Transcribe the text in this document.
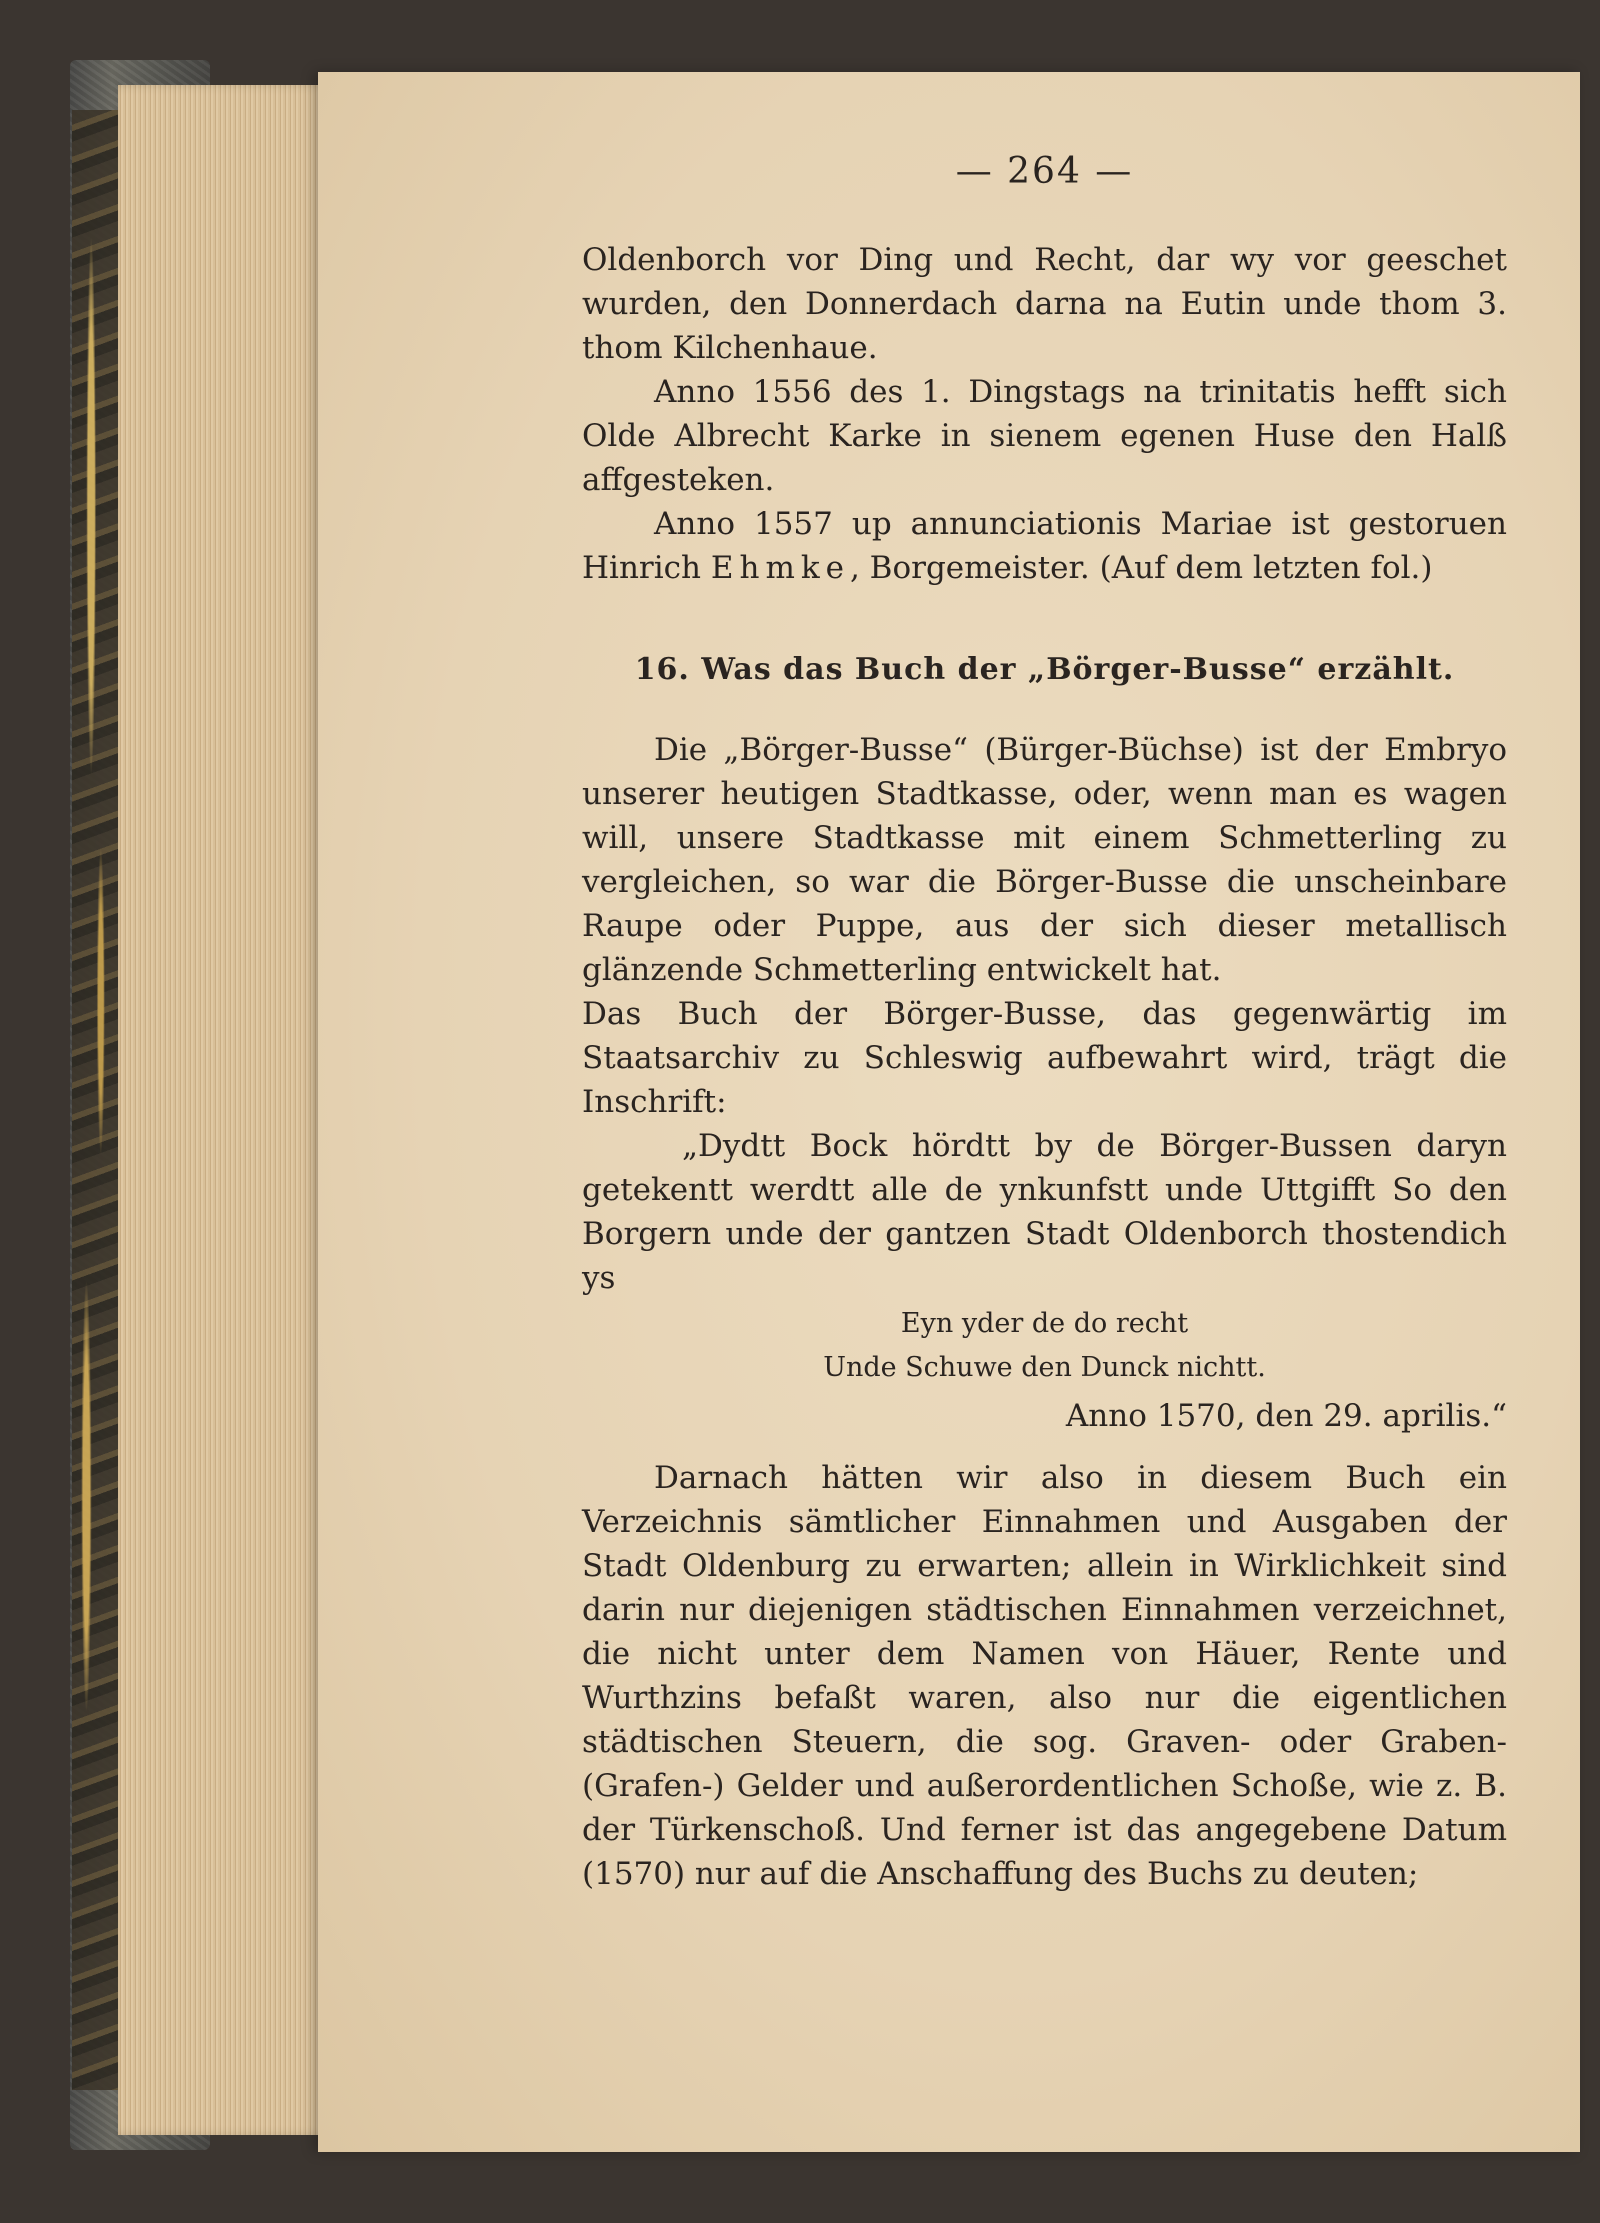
— 264 —

Oldenborch vor Ding und Recht, dar wy vor geeschet wurden, den Donnerdach darna na Eutin unde thom 3. thom Kilchenhaue.

Anno 1556 des 1. Dingstags na trinitatis hefft sich Olde Albrecht Karke in sienem egenen Huse den Halß affgesteken.

Anno 1557 up annunciationis Mariae ist gestoruen Hinrich Ehmke, Borgemeister. (Auf dem letzten fol.)

16. Was das Buch der „Börger-Busse“ erzählt.

Die „Börger-Busse“ (Bürger-Büchse) ist der Embryo unserer heutigen Stadtkasse, oder, wenn man es wagen will, unsere Stadtkasse mit einem Schmetterling zu vergleichen, so war die Börger-Busse die unscheinbare Raupe oder Puppe, aus der sich dieser metallisch glänzende Schmetterling entwickelt hat.

Das Buch der Börger-Busse, das gegenwärtig im Staatsarchiv zu Schleswig aufbewahrt wird, trägt die Inschrift:

„Dydtt Bock hördtt by de Börger-Bussen daryn getekentt werdtt alle de ynkunfstt unde Uttgifft So den Borgern unde der gantzen Stadt Oldenborch thostendich ys

Eyn yder de do recht

Unde Schuwe den Dunck nichtt.

Anno 1570, den 29. aprilis.“

Darnach hätten wir also in diesem Buch ein Verzeichnis sämtlicher Einnahmen und Ausgaben der Stadt Oldenburg zu erwarten; allein in Wirklichkeit sind darin nur diejenigen städtischen Einnahmen verzeichnet, die nicht unter dem Namen von Häuer, Rente und Wurthzins befaßt waren, also nur die eigentlichen städtischen Steuern, die sog. Graven- oder Graben- (Grafen-) Gelder und außerordentlichen Schoße, wie z. B. der Türkenschoß. Und ferner ist das angegebene Datum (1570) nur auf die Anschaffung des Buchs zu deuten;
